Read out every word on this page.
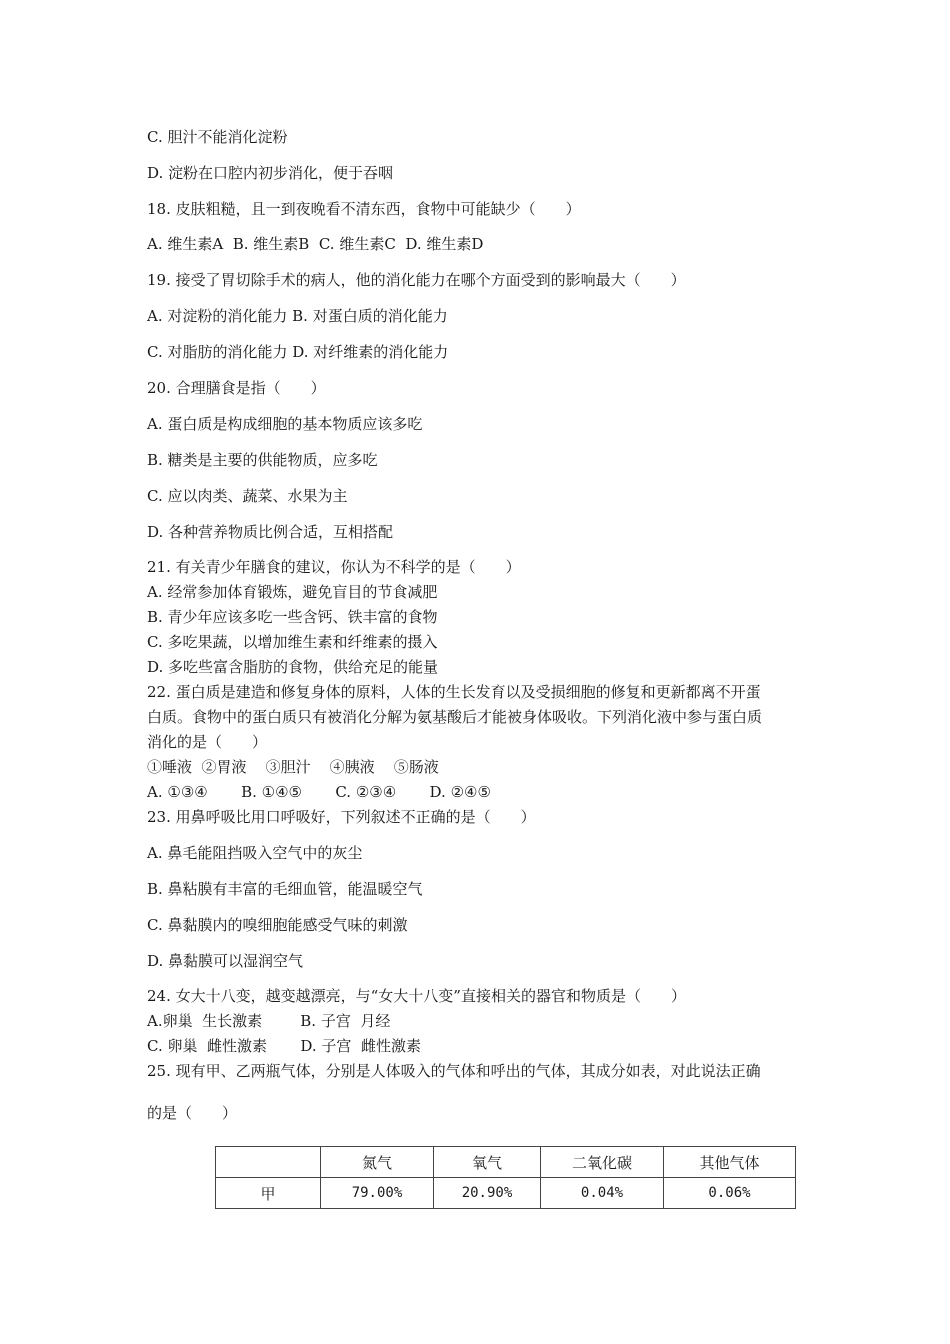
C. 胆汁不能消化淀粉
D. 淀粉在口腔内初步消化，便于吞咽
18. 皮肤粗糙，且一到夜晚看不清东西，食物中可能缺少（　　）
A. 维生素A  B. 维生素B  C. 维生素C  D. 维生素D
19. 接受了胃切除手术的病人，他的消化能力在哪个方面受到的影响最大（　　）
A. 对淀粉的消化能力 B. 对蛋白质的消化能力
C. 对脂肪的消化能力 D. 对纤维素的消化能力
20. 合理膳食是指（　　）
A. 蛋白质是构成细胞的基本物质应该多吃
B. 糖类是主要的供能物质，应多吃
C. 应以肉类、蔬菜、水果为主
D. 各种营养物质比例合适，互相搭配
21. 有关青少年膳食的建议，你认为不科学的是（　　）
A. 经常参加体育锻炼，避免盲目的节食减肥
B. 青少年应该多吃一些含钙、铁丰富的食物
C. 多吃果蔬，以增加维生素和纤维素的摄入
D. 多吃些富含脂肪的食物，供给充足的能量
22. 蛋白质是建造和修复身体的原料，人体的生长发育以及受损细胞的修复和更新都离不开蛋
白质。食物中的蛋白质只有被消化分解为氨基酸后才能被身体吸收。下列消化液中参与蛋白质
消化的是（　　）
①唾液  ②胃液    ③胆汁    ④胰液    ⑤肠液
A. ①③④       B. ①④⑤       C. ②③④       D. ②④⑤
23. 用鼻呼吸比用口呼吸好，下列叙述不正确的是（　　）
A. 鼻毛能阻挡吸入空气中的灰尘
B. 鼻粘膜有丰富的毛细血管，能温暖空气
C. 鼻黏膜内的嗅细胞能感受气味的刺激
D. 鼻黏膜可以湿润空气
24. 女大十八变，越变越漂亮，与“女大十八变”直接相关的器官和物质是（　　）
A.卵巢  生长激素        B. 子宫  月经
C. 卵巢  雌性激素       D. 子宫  雌性激素
25. 现有甲、乙两瓶气体，分别是人体吸入的气体和呼出的气体，其成分如表，对此说法正确
的是（　　）
	氮气	氧气	二氧化碳	其他气体
甲	79.00%	20.90%	0.04%	0.06%
